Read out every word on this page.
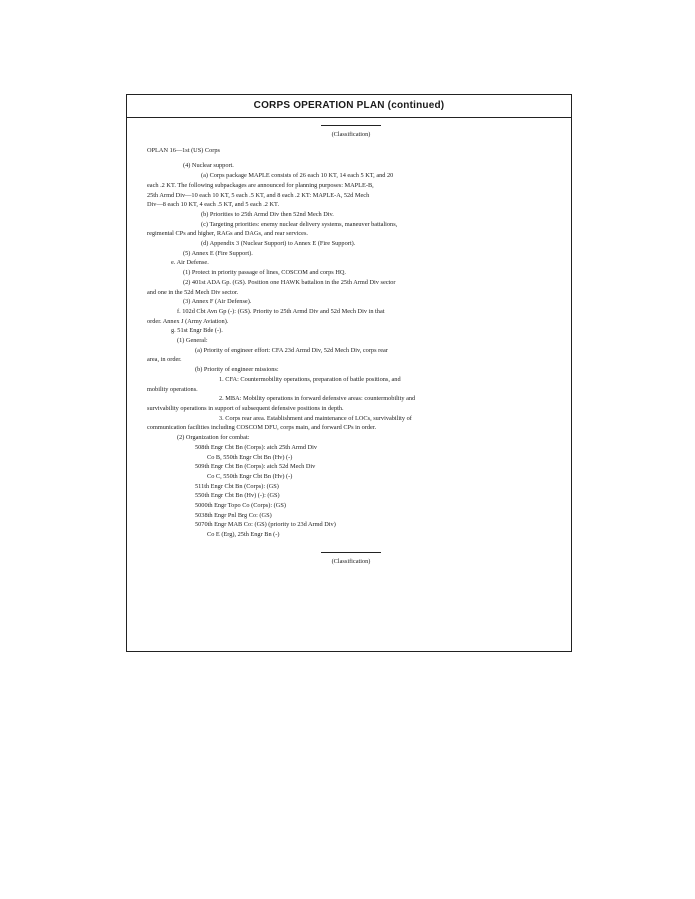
CORPS OPERATION PLAN (continued)
(Classification)
OPLAN 16—1st (US) Corps
(4) Nuclear support.
(a) Corps package MAPLE consists of 26 each 10 KT, 14 each 5 KT, and 20
each .2 KT. The following subpackages are announced for planning purposes: MAPLE-B,
25th Armd Div—10 each 10 KT, 5 each .5 KT, and 8 each .2 KT: MAPLE-A, 52d Mech
Div—8 each 10 KT, 4 each .5 KT, and 5 each .2 KT.
(b) Priorities to 25th Armd Div then 52nd Mech Div.
(c) Targeting priorities: enemy nuclear delivery systems, maneuver battalions,
regimental CPs and higher, RAGs and DAGs, and rear services.
(d) Appendix 3 (Nuclear Support) to Annex E (Fire Support).
(5) Annex E (Fire Support).
e. Air Defense.
(1) Protect in priority passage of lines, COSCOM and corps HQ.
(2) 401st ADA Gp. (GS). Position one HAWK battalion in the 25th Armd Div sector
and one in the 52d Mech Div sector.
(3) Annex F (Air Defense).
f. 102d Cbt Avn Gp (-): (GS). Priority to 25th Armd Div and 52d Mech Div in that
order. Annex J (Army Aviation).
g. 51st Engr Bde (-).
(1) General:
(a) Priority of engineer effort: CFA 23d Armd Div, 52d Mech Div, corps rear
area, in order.
(b) Priority of engineer missions:
1. CFA: Countermobility operations, preparation of battle positions, and
mobility operations.
2. MBA: Mobility operations in forward defensive areas: countermobility and
survivability operations in support of subsequent defensive positions in depth.
3. Corps rear area. Establishment and maintenance of LOCs, survivability of
communication facilities including COSCOM DFU, corps main, and forward CPs in order.
(2) Organization for combat:
508th Engr Cbt Bn (Corps): atch 25th Armd Div
Co B, 550th Engr Cbt Bn (Hv) (-)
509th Engr Cbt Bn (Corps): atch 52d Mech Div
Co C, 550th Engr Cbt Bn (Hv) (-)
511th Engr Cbt Bn (Corps): (GS)
550th Engr Cbt Bn (Hv) (-): (GS)
5000th Engr Topo Co (Corps): (GS)
5038th Engr Pnl Brg Co: (GS)
5070th Engr MAB Co: (GS) (priority to 23d Armd Div)
Co E (Erg), 25th Engr Bn (-)
(Classification)
